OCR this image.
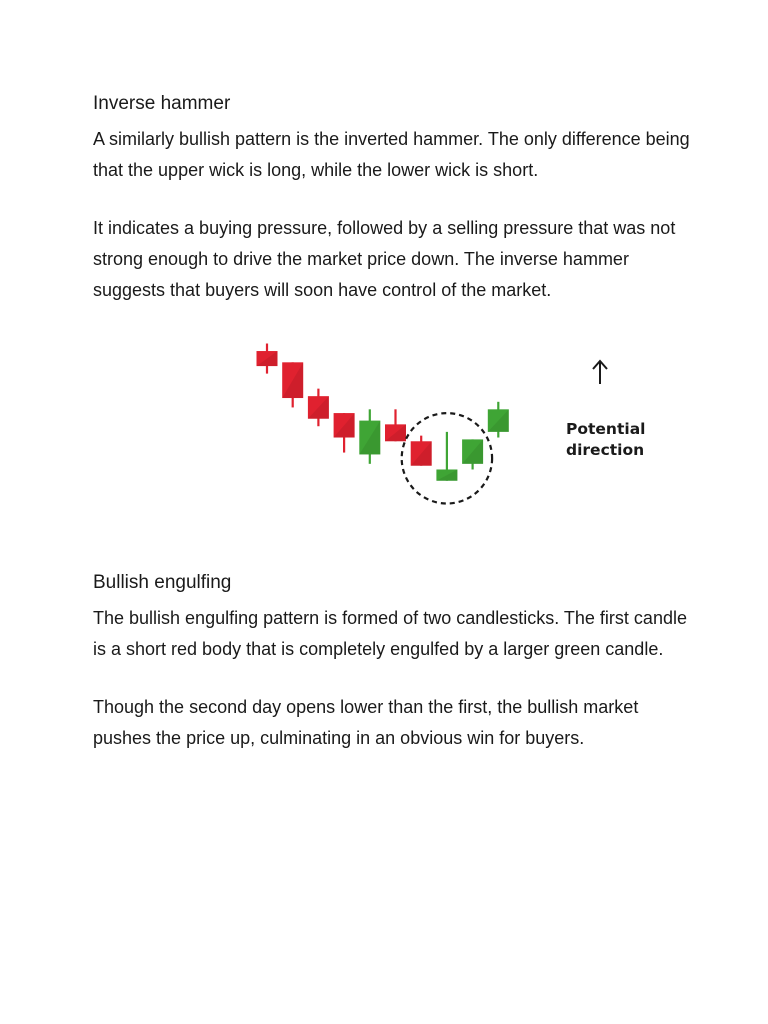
Inverse hammer

A similarly bullish pattern is the inverted hammer. The only difference being that the upper wick is long, while the lower wick is short.

It indicates a buying pressure, followed by a selling pressure that was not strong enough to drive the market price down. The inverse hammer suggests that buyers will soon have control of the market.

Potential
direction
Bullish engulfing

The bullish engulfing pattern is formed of two candlesticks. The first candle is a short red body that is completely engulfed by a larger green candle.

Though the second day opens lower than the first, the bullish market pushes the price up, culminating in an obvious win for buyers.
